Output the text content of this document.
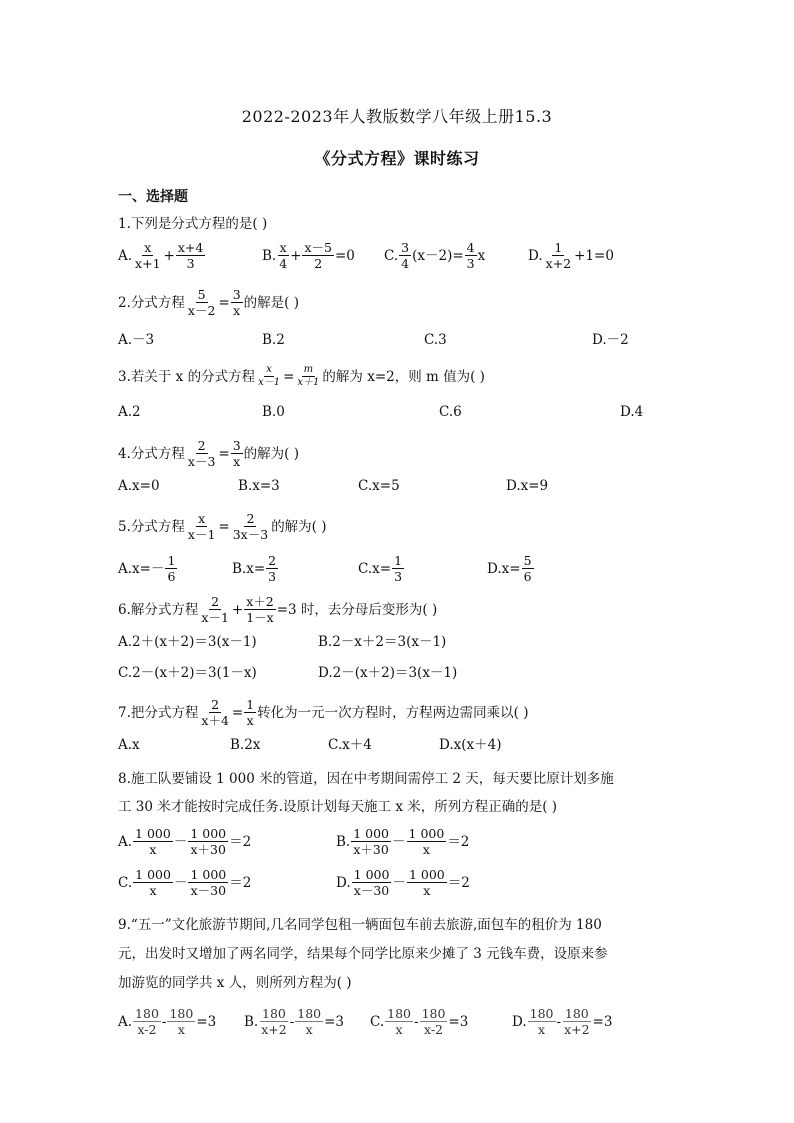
2022-2023年人教版数学八年级上册15.3
《分式方程》课时练习
一、选择题
1.下列是分式方程的是( )
A. $\frac{x}{x+1} + \frac{x+4}{3}$	B. $\frac{x}{4} + \frac{x-5}{2} =0$ C. $\frac{3}{4} (x-2)= \frac{4}{3}$ x	D. $\frac{1}{x+2} +1=0$
2.分式方程 $\frac{5}{x-2} = \frac{3}{x}$ 的解是( )
A.－3	B.2	C.3	D.－2
3.若关于 x 的分式方程 $\frac{x}{x-1} = \frac{m}{x+1}$ 的解为 x=2，则 m 值为( )
A.2	B.0	C.6	D.4
4.分式方程 $\frac{2}{x-3} = \frac{3}{x}$ 的解为( )
A.x=0	B.x=3	C.x=5	D.x=9
5.分式方程 $\frac{x}{x-1} = \frac{2}{3x-3}$ 的解为( )
$A.x=- \frac{1}{6}$	$B.x= \frac{2}{3}$	$C.x= \frac{1}{3}$	$D.x= \frac{5}{6}$
6.解分式方程 $\frac{2}{x-1} + \frac{x+2}{1-x} =3$ 时，去分母后变形为( )
A.2＋(x＋2)＝3(x－1)	B.2－x＋2＝3(x－1)
C.2－(x＋2)＝3(1－x)	D.2－(x＋2)＝3(x－1)
7.把分式方程 $\frac{2}{x+4} = \frac{1}{x}$ 转化为一元一次方程时，方程两边需同乘以( )
A.x	B.2x	C.x＋4	D.x(x＋4)
8.施工队要铺设 1 000 米的管道，因在中考期间需停工 2 天，每天要比原计划多施
工 30 米才能按时完成任务.设原计划每天施工 x 米，所列方程正确的是( )
A. $\frac{1 000}{x} - \frac{1 000}{x+30} =2$	B. $\frac{1 000}{x+30} - \frac{1 000}{x} =2$
C. $\frac{1 000}{x} - \frac{1 000}{x-30} =2$	D. $\frac{1 000}{x-30} - \frac{1 000}{x} =2$
9.“五一”文化旅游节期间,几名同学包租一辆面包车前去旅游,面包车的租价为 180
元，出发时又增加了两名同学，结果每个同学比原来少摊了 3 元钱车费，设原来参
加游览的同学共 x 人，则所列方程为( )
A. $\frac{180}{x-2} - \frac{180}{x} =3$ B. $\frac{180}{x+2} - \frac{180}{x} =3$ C. $\frac{180}{x} - \frac{180}{x-2} =3$	D. $\frac{180}{x} - \frac{180}{x+2} =3$
